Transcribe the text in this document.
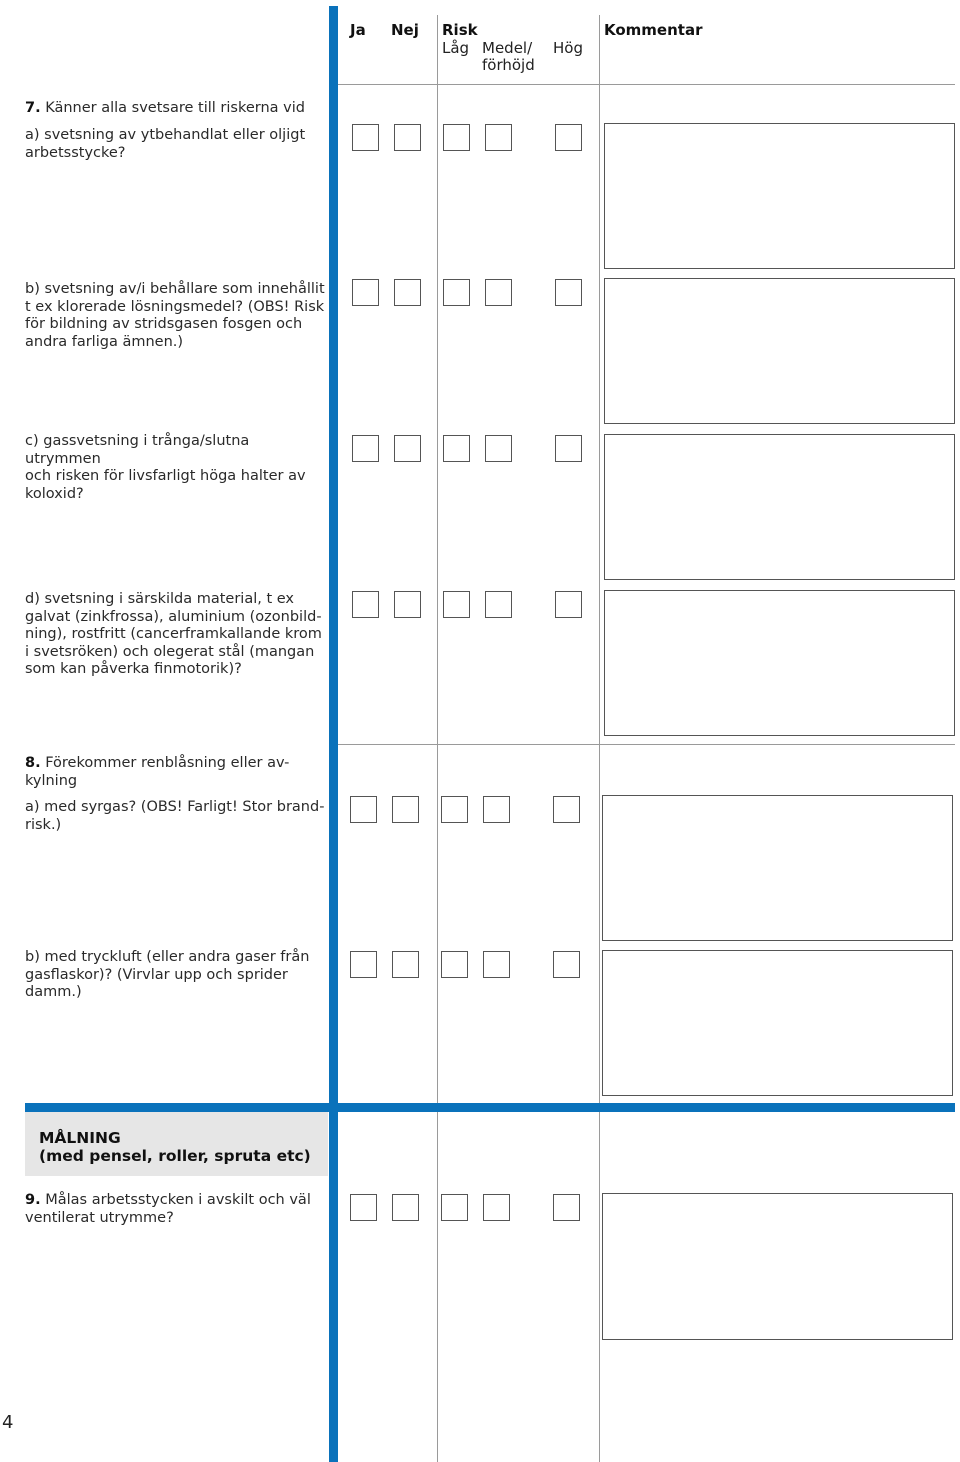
Ja Nej Risk
Låg Medel/
förhöjd
Hög
Kommentar
7. Känner alla svetsare till riskerna vid
a) svetsning av ytbehandlat eller oljigt
arbetsstycke?
b) svetsning av/i behållare som innehållit
t ex klorerade lösningsmedel? (OBS! Risk
för bildning av stridsgasen fosgen och
andra farliga ämnen.)
c) gassvetsning i trånga/slutna utrymmen
och risken för livsfarligt höga halter av
koloxid?
d) svetsning i särskilda material, t ex
galvat (zinkfrossa), aluminium (ozonbild-
ning), rostfritt (cancerframkallande krom
i svetsröken) och olegerat stål (mangan
som kan påverka finmotorik)?
8. Förekommer renblåsning eller av-
kylning
a) med syrgas? (OBS! Farligt! Stor brand-
risk.)
b) med tryckluft (eller andra gaser från
gasflaskor)? (Virvlar upp och sprider
damm.)
MÅLNING
(med pensel, roller, spruta etc)
9. Målas arbetsstycken i avskilt och väl
ventilerat utrymme?
4
